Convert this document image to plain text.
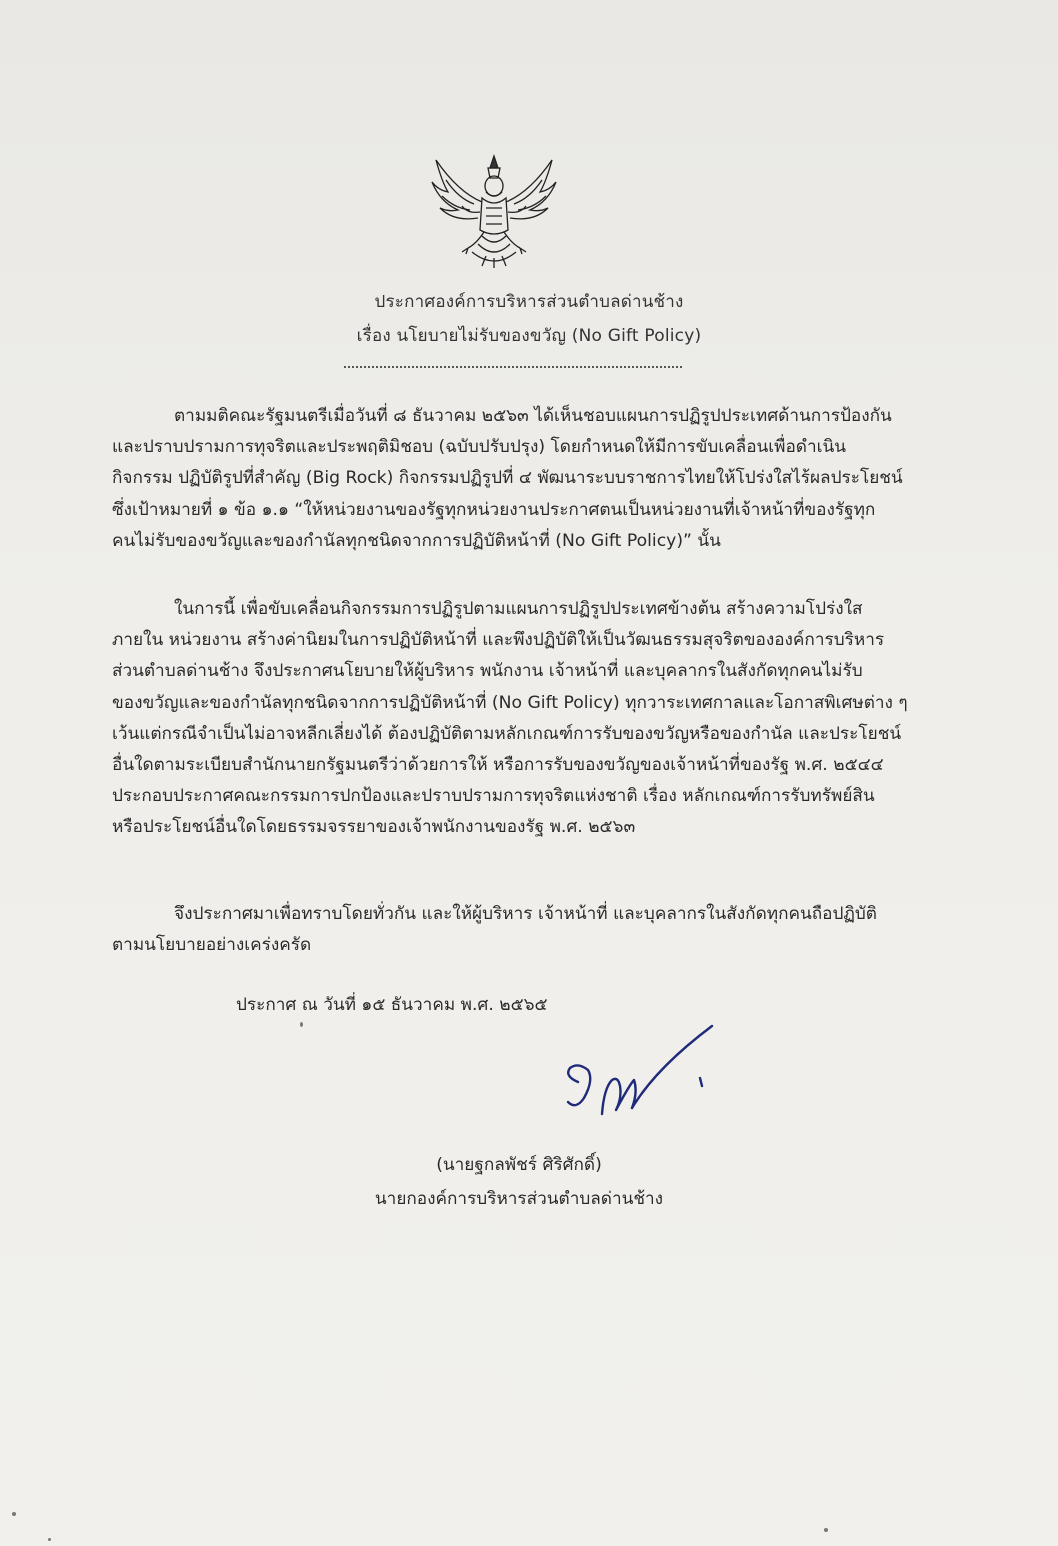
ประกาศองค์การบริหารส่วนตำบลด่านช้าง
เรื่อง นโยบายไม่รับของขวัญ (No Gift Policy)
ตามมติคณะรัฐมนตรีเมื่อวันที่ ๘ ธันวาคม ๒๕๖๓ ได้เห็นชอบแผนการปฏิรูปประเทศด้านการป้องกัน
และปราบปรามการทุจริตและประพฤติมิชอบ (ฉบับปรับปรุง) โดยกำหนดให้มีการขับเคลื่อนเพื่อดำเนิน
กิจกรรม ปฏิบัติรูปที่สำคัญ (Big Rock) กิจกรรมปฏิรูปที่ ๔ พัฒนาระบบราชการไทยให้โปร่งใสไร้ผลประโยชน์
ซึ่งเป้าหมายที่ ๑ ข้อ ๑.๑ “ให้หน่วยงานของรัฐทุกหน่วยงานประกาศตนเป็นหน่วยงานที่เจ้าหน้าที่ของรัฐทุก
คนไม่รับของขวัญและของกำนัลทุกชนิดจากการปฏิบัติหน้าที่ (No Gift Policy)” นั้น
ในการนี้ เพื่อขับเคลื่อนกิจกรรมการปฏิรูปตามแผนการปฏิรูปประเทศข้างต้น สร้างความโปร่งใส
ภายใน หน่วยงาน สร้างค่านิยมในการปฏิบัติหน้าที่ และพึงปฏิบัติให้เป็นวัฒนธรรมสุจริตขององค์การบริหาร
ส่วนตำบลด่านช้าง จึงประกาศนโยบายให้ผู้บริหาร พนักงาน เจ้าหน้าที่ และบุคลากรในสังกัดทุกคนไม่รับ
ของขวัญและของกำนัลทุกชนิดจากการปฏิบัติหน้าที่ (No Gift Policy) ทุกวาระเทศกาลและโอกาสพิเศษต่าง ๆ
เว้นแต่กรณีจำเป็นไม่อาจหลีกเลี่ยงได้ ต้องปฏิบัติตามหลักเกณฑ์การรับของขวัญหรือของกำนัล และประโยชน์
อื่นใดตามระเบียบสำนักนายกรัฐมนตรีว่าด้วยการให้ หรือการรับของขวัญของเจ้าหน้าที่ของรัฐ พ.ศ. ๒๕๔๔
ประกอบประกาศคณะกรรมการปกป้องและปราบปรามการทุจริตแห่งชาติ เรื่อง หลักเกณฑ์การรับทรัพย์สิน
หรือประโยชน์อื่นใดโดยธรรมจรรยาของเจ้าพนักงานของรัฐ พ.ศ. ๒๕๖๓
จึงประกาศมาเพื่อทราบโดยทั่วกัน และให้ผู้บริหาร เจ้าหน้าที่ และบุคลากรในสังกัดทุกคนถือปฏิบัติ
ตามนโยบายอย่างเคร่งครัด
ประกาศ ณ วันที่ ๑๕ ธันวาคม พ.ศ. ๒๕๖๕
(นายฐกลพัชร์ ศิริศักดิ์)
นายกองค์การบริหารส่วนตำบลด่านช้าง
